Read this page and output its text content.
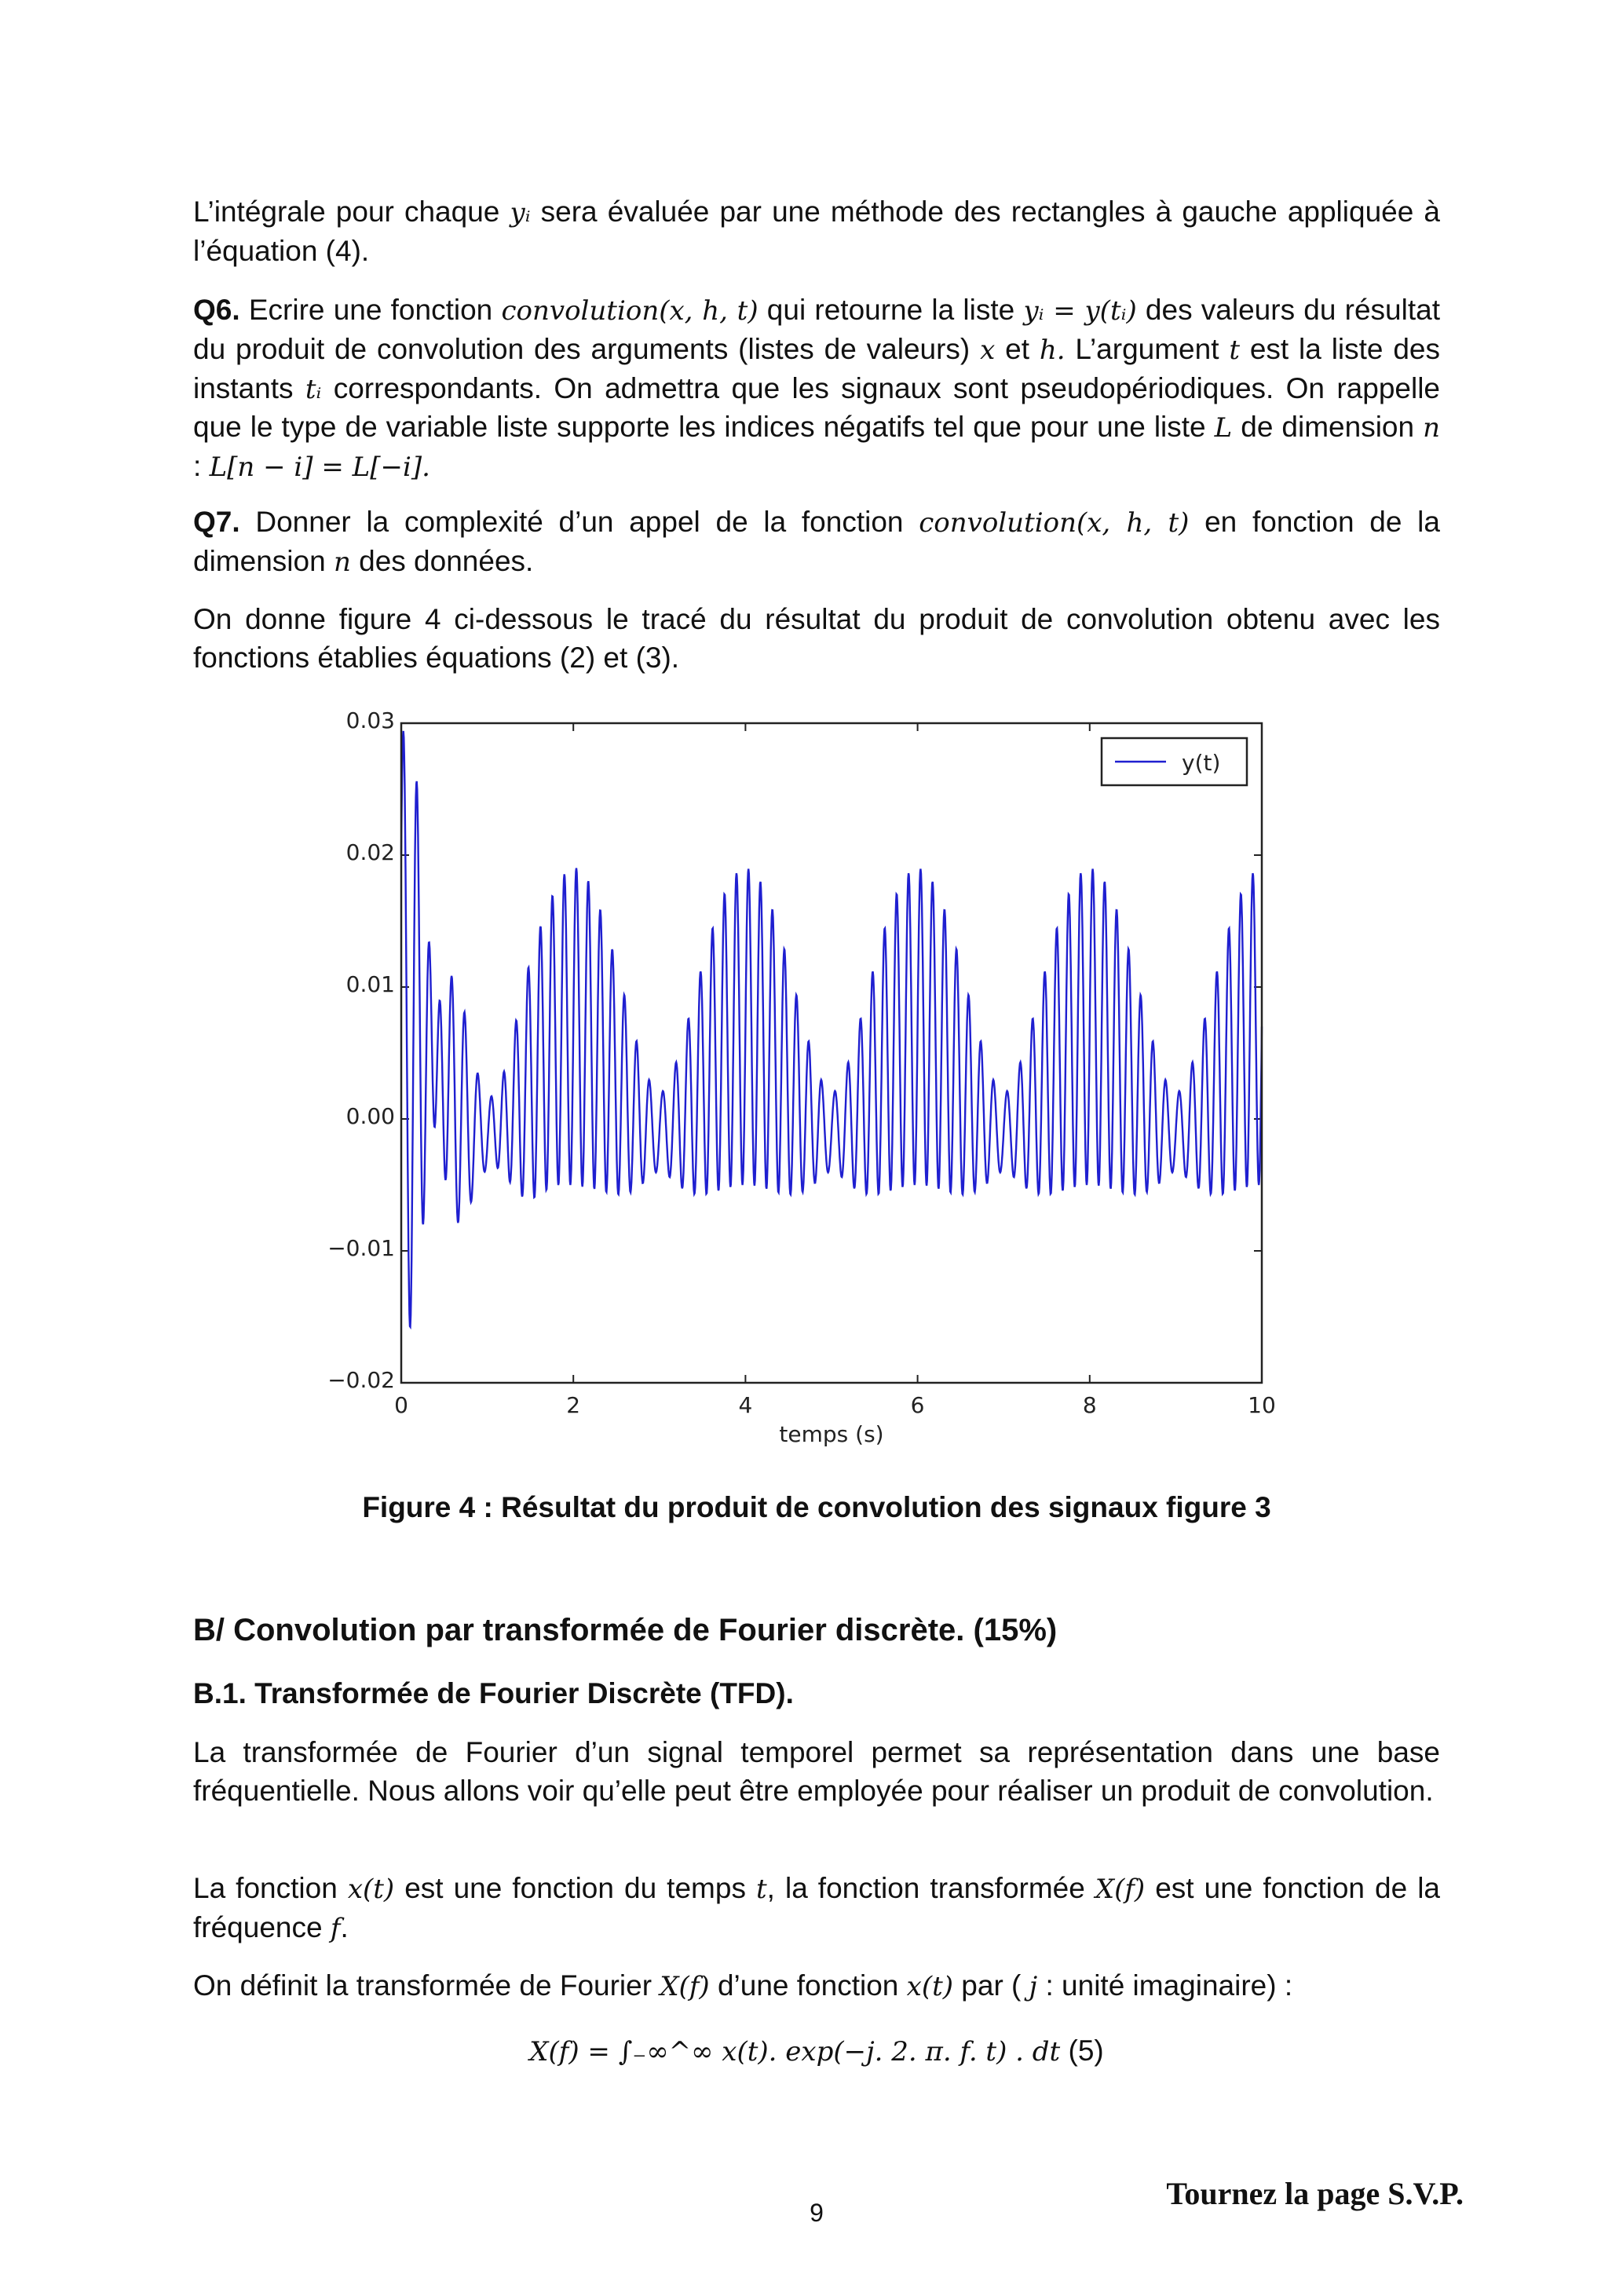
L’intégrale pour chaque yᵢ sera évaluée par une méthode des rectangles à gauche appliquée à l’équation (4).
Q6. Ecrire une fonction convolution(x, h, t) qui retourne la liste yᵢ = y(tᵢ) des valeurs du résultat du produit de convolution des arguments (listes de valeurs) x et h. L’argument t est la liste des instants tᵢ correspondants. On admettra que les signaux sont pseudopériodiques. On rappelle que le type de variable liste supporte les indices négatifs tel que pour une liste L de dimension n : L[n − i] = L[−i].
Q7. Donner la complexité d’un appel de la fonction convolution(x, h, t) en fonction de la dimension n des données.
On donne figure 4 ci-dessous le tracé du résultat du produit de convolution obtenu avec les fonctions établies équations (2) et (3).
Figure 4 : Résultat du produit de convolution des signaux figure 3
B/ Convolution par transformée de Fourier discrète. (15%)
B.1. Transformée de Fourier Discrète (TFD).
La transformée de Fourier d’un signal temporel permet sa représentation dans une base fréquentielle. Nous allons voir qu’elle peut être employée pour réaliser un produit de convolution.
La fonction x(t) est une fonction du temps t, la fonction transformée X(f) est une fonction de la fréquence f.
On définit la transformée de Fourier X(f) d’une fonction x(t) par ( j : unité imaginaire) :
X(f) = ∫₋∞^∞ x(t). exp(−j. 2. π. f. t) . dt (5)
0	2	4	6	8	10
0.03
0.02
0.01
0.00
−0.01
−0.02
y(t)
temps (s)
9
Tournez la page S.V.P.
